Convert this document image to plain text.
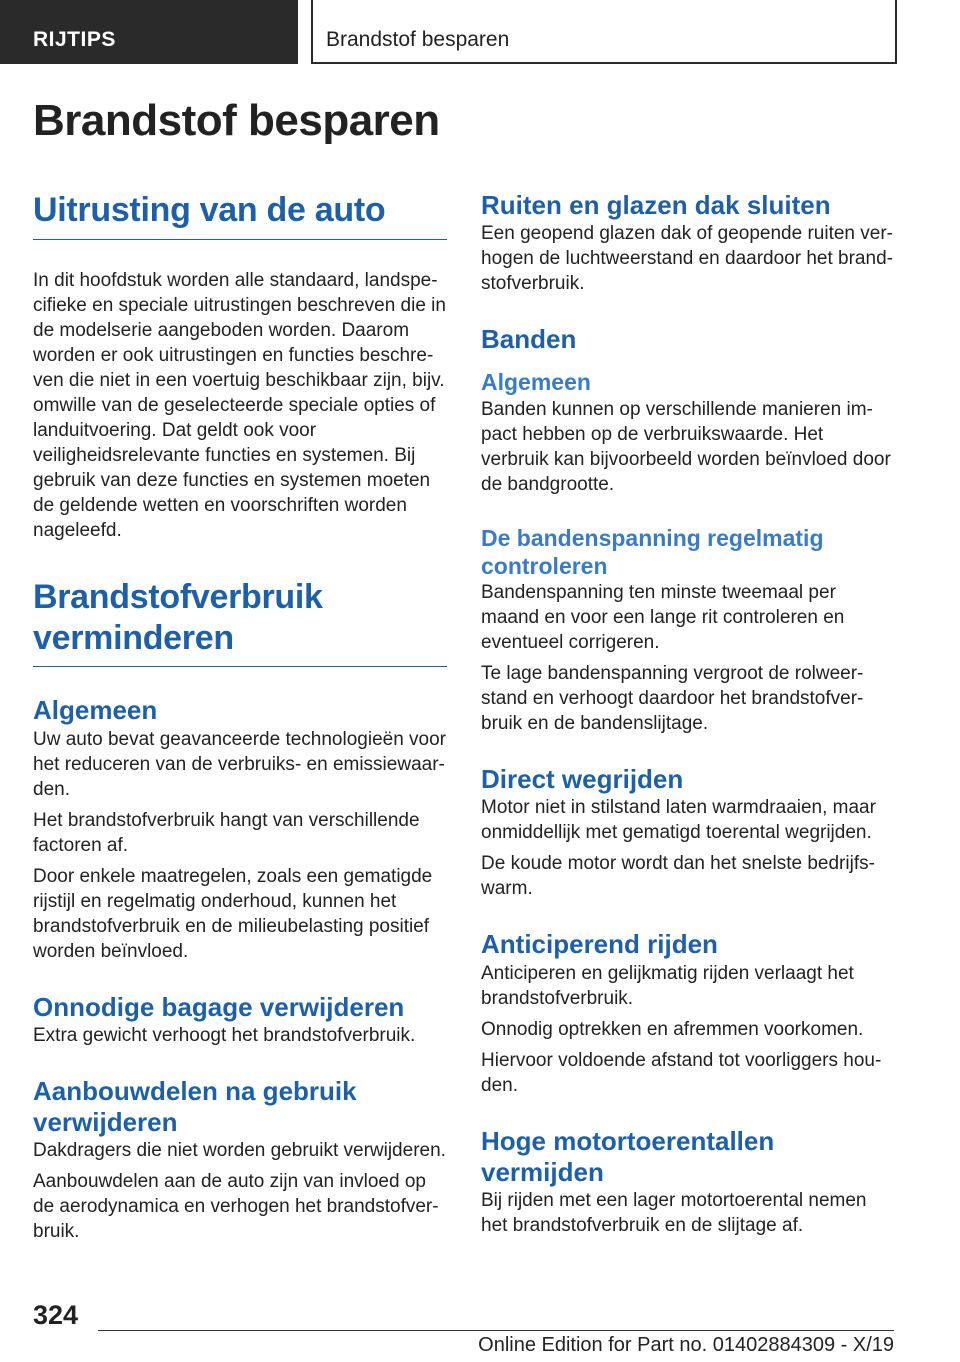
RIJTIPS	Brandstof besparen
Brandstof besparen
Uitrusting van de auto

In dit hoofdstuk worden alle standaard, landspecifieke en speciale uitrustingen beschreven die in de modelserie aangeboden worden. Daarom worden er ook uitrustingen en functies beschreven die niet in een voertuig beschikbaar zijn, bijv. omwille van de geselecteerde speciale opties of landuitvoering. Dat geldt ook voor veiligheidsrelevante functies en systemen. Bij gebruik van deze functies en systemen moeten de geldende wetten en voorschriften worden nageleefd.

Brandstofverbruik verminderen
Algemeen

Uw auto bevat geavanceerde technologieën voor het reduceren van de verbruiks- en emissiewaarden.

Het brandstofverbruik hangt van verschillende factoren af.

Door enkele maatregelen, zoals een gematigde rijstijl en regelmatig onderhoud, kunnen het brandstofverbruik en de milieubelasting positief worden beïnvloed.

Onnodige bagage verwijderen

Extra gewicht verhoogt het brandstofverbruik.

Aanbouwdelen na gebruik verwijderen

Dakdragers die niet worden gebruikt verwijderen.

Aanbouwdelen aan de auto zijn van invloed op de aerodynamica en verhogen het brandstofverbruik.

Ruiten en glazen dak sluiten

Een geopend glazen dak of geopende ruiten verhogen de luchtweerstand en daardoor het brandstofverbruik.

Banden
Algemeen

Banden kunnen op verschillende manieren impact hebben op de verbruikswaarde. Het verbruik kan bijvoorbeeld worden beïnvloed door de bandgrootte.

De bandenspanning regelmatig controleren

Bandenspanning ten minste tweemaal per maand en voor een lange rit controleren en eventueel corrigeren.

Te lage bandenspanning vergroot de rolweerstand en verhoogt daardoor het brandstofverbruik en de bandenslijtage.

Direct wegrijden

Motor niet in stilstand laten warmdraaien, maar onmiddellijk met gematigd toerental wegrijden.

De koude motor wordt dan het snelste bedrijfswarm.

Anticiperend rijden

Anticiperen en gelijkmatig rijden verlaagt het brandstofverbruik.

Onnodig optrekken en afremmen voorkomen.

Hiervoor voldoende afstand tot voorliggers houden.

Hoge motortoerentallen vermijden

Bij rijden met een lager motortoerental nemen het brandstofverbruik en de slijtage af.

324
Online Edition for Part no. 01402884309 - X/19
